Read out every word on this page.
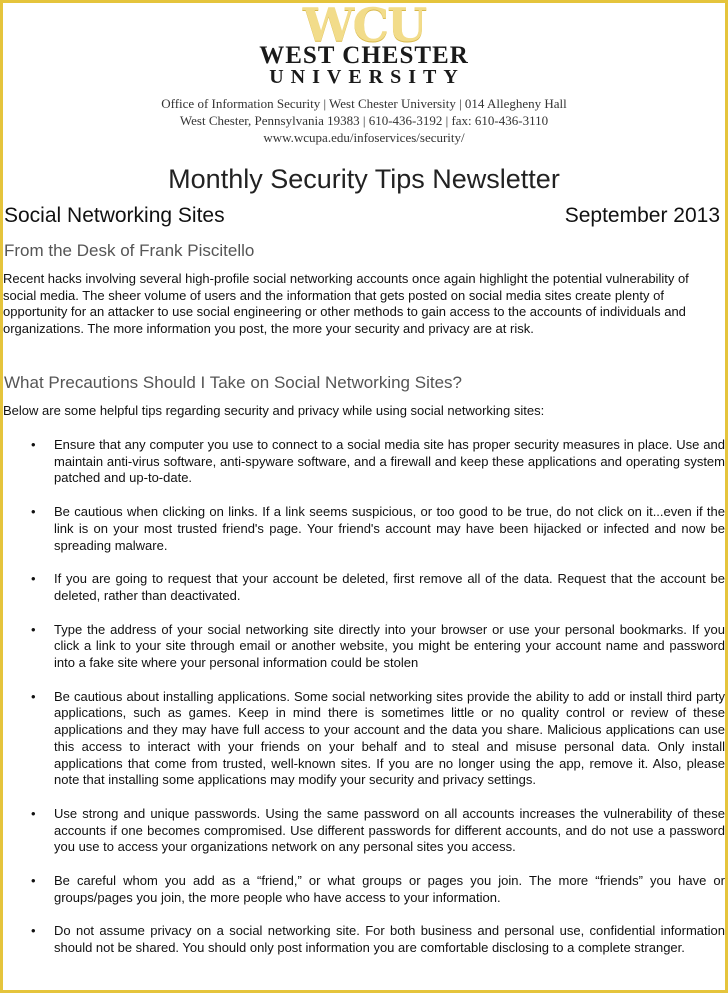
WCU
WEST CHESTER
UNIVERSITY
Office of Information Security | West Chester University | 014 Allegheny Hall
West Chester, Pennsylvania 19383 | 610-436-3192 | fax: 610-436-3110
www.wcupa.edu/infoservices/security/
Monthly Security Tips Newsletter
Social Networking Sites	September 2013
From the Desk of Frank Piscitello
Recent hacks involving several high-profile social networking accounts once again highlight the potential vulnerability of social media. The sheer volume of users and the information that gets posted on social media sites create plenty of opportunity for an attacker to use social engineering or other methods to gain access to the accounts of individuals and organizations. The more information you post, the more your security and privacy are at risk.
What Precautions Should I Take on Social Networking Sites?
Below are some helpful tips regarding security and privacy while using social networking sites:
• Ensure that any computer you use to connect to a social media site has proper security measures in place. Use and maintain anti-virus software, anti-spyware software, and a firewall and keep these applications and operating system patched and up-to-date.
• Be cautious when clicking on links. If a link seems suspicious, or too good to be true, do not click on it...even if the link is on your most trusted friend's page. Your friend's account may have been hijacked or infected and now be spreading malware.
• If you are going to request that your account be deleted, first remove all of the data. Request that the account be deleted, rather than deactivated.
• Type the address of your social networking site directly into your browser or use your personal bookmarks. If you click a link to your site through email or another website, you might be entering your account name and password into a fake site where your personal information could be stolen
• Be cautious about installing applications. Some social networking sites provide the ability to add or install third party applications, such as games. Keep in mind there is sometimes little or no quality control or review of these applications and they may have full access to your account and the data you share. Malicious applications can use this access to interact with your friends on your behalf and to steal and misuse personal data. Only install applications that come from trusted, well-known sites. If you are no longer using the app, remove it. Also, please note that installing some applications may modify your security and privacy settings.
• Use strong and unique passwords. Using the same password on all accounts increases the vulnerability of these accounts if one becomes compromised. Use different passwords for different accounts, and do not use a password you use to access your organizations network on any personal sites you access.
• Be careful whom you add as a “friend,” or what groups or pages you join. The more “friends” you have or groups/pages you join, the more people who have access to your information.
• Do not assume privacy on a social networking site. For both business and personal use, confidential information should not be shared. You should only post information you are comfortable disclosing to a complete stranger.
